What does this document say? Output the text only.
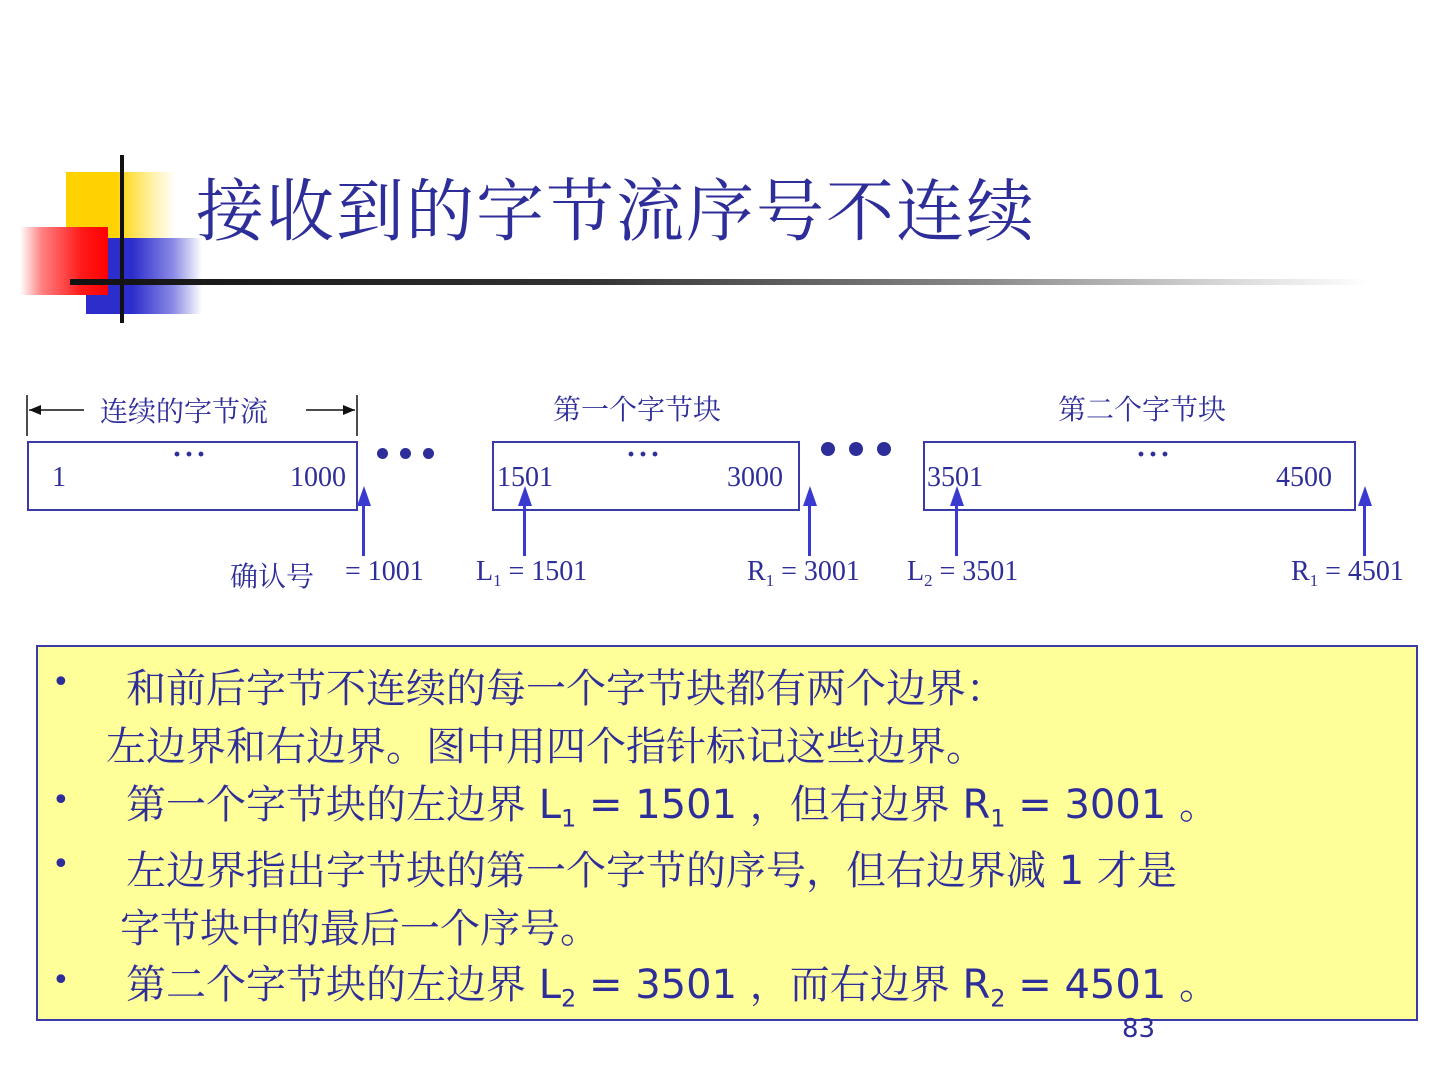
接收到的字节流序号不连续
连续的字节流	第一个字节块	第二个字节块
1
···
1000	1501
···
3000	3501
···
4500
确认号 = 1001 $L_1 = 1501$	$R_1 = 3001$ $L_2 = 3501$	$R_1 = 4501$
• 和前后字节不连续的每一个字节块都有两个边界：
左边界和右边界。图中用四个指针标记这些边界。
• 第一个字节块的左边界 $L_1 = 1501$ ，但右边界 $R_1 = 3001$ 。
• 左边界指出字节块的第一个字节的序号，但右边界减 1 才是
字节块中的最后一个序号。
• 第二个字节块的左边界 $L_2 = 3501$ ，而右边界 $R_2 = 4501$ 。
83
